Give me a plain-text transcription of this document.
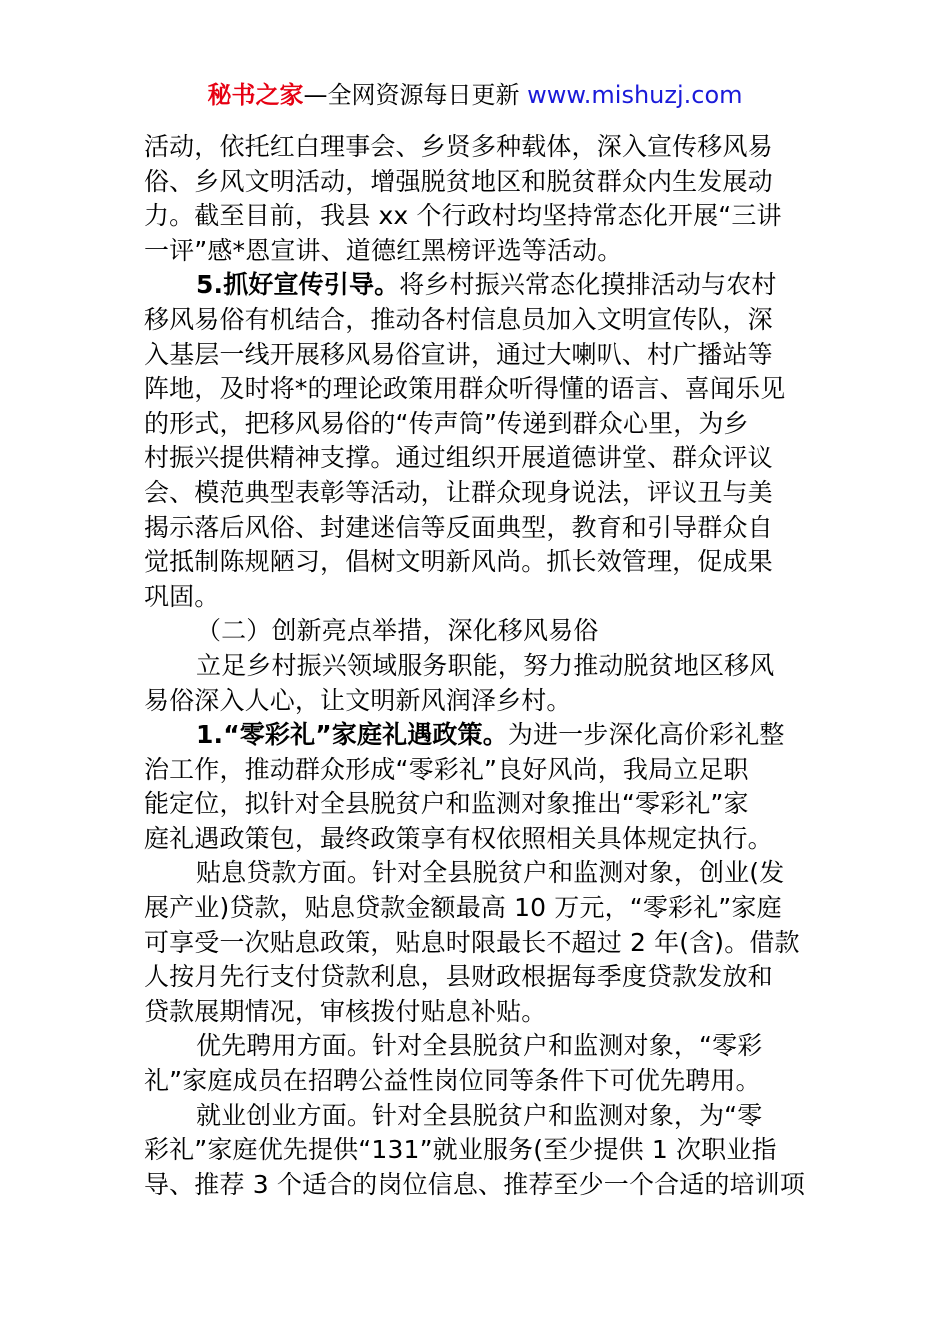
秘书之家—全网资源每日更新 www.mishuzj.com
活动，依托红白理事会、乡贤多种载体，深入宣传移风易
俗、乡风文明活动，增强脱贫地区和脱贫群众内生发展动
力。截至目前，我县 xx 个行政村均坚持常态化开展“三讲
一评”感*恩宣讲、道德红黑榜评选等活动。
5.抓好宣传引导。将乡村振兴常态化摸排活动与农村
移风易俗有机结合，推动各村信息员加入文明宣传队，深
入基层一线开展移风易俗宣讲，通过大喇叭、村广播站等
阵地，及时将*的理论政策用群众听得懂的语言、喜闻乐见
的形式，把移风易俗的“传声筒”传递到群众心里，为乡
村振兴提供精神支撑。通过组织开展道德讲堂、群众评议
会、模范典型表彰等活动，让群众现身说法，评议丑与美
揭示落后风俗、封建迷信等反面典型，教育和引导群众自
觉抵制陈规陋习，倡树文明新风尚。抓长效管理，促成果
巩固。
（二）创新亮点举措，深化移风易俗
立足乡村振兴领域服务职能，努力推动脱贫地区移风
易俗深入人心，让文明新风润泽乡村。
1.“零彩礼”家庭礼遇政策。为进一步深化高价彩礼整
治工作，推动群众形成“零彩礼”良好风尚，我局立足职
能定位，拟针对全县脱贫户和监测对象推出“零彩礼”家
庭礼遇政策包，最终政策享有权依照相关具体规定执行。
贴息贷款方面。针对全县脱贫户和监测对象，创业(发
展产业)贷款，贴息贷款金额最高 10 万元，“零彩礼”家庭
可享受一次贴息政策，贴息时限最长不超过 2 年(含)。借款
人按月先行支付贷款利息，县财政根据每季度贷款发放和
贷款展期情况，审核拨付贴息补贴。
优先聘用方面。针对全县脱贫户和监测对象，“零彩
礼”家庭成员在招聘公益性岗位同等条件下可优先聘用。
就业创业方面。针对全县脱贫户和监测对象，为“零
彩礼”家庭优先提供“131”就业服务(至少提供 1 次职业指
导、推荐 3 个适合的岗位信息、推荐至少一个合适的培训项
